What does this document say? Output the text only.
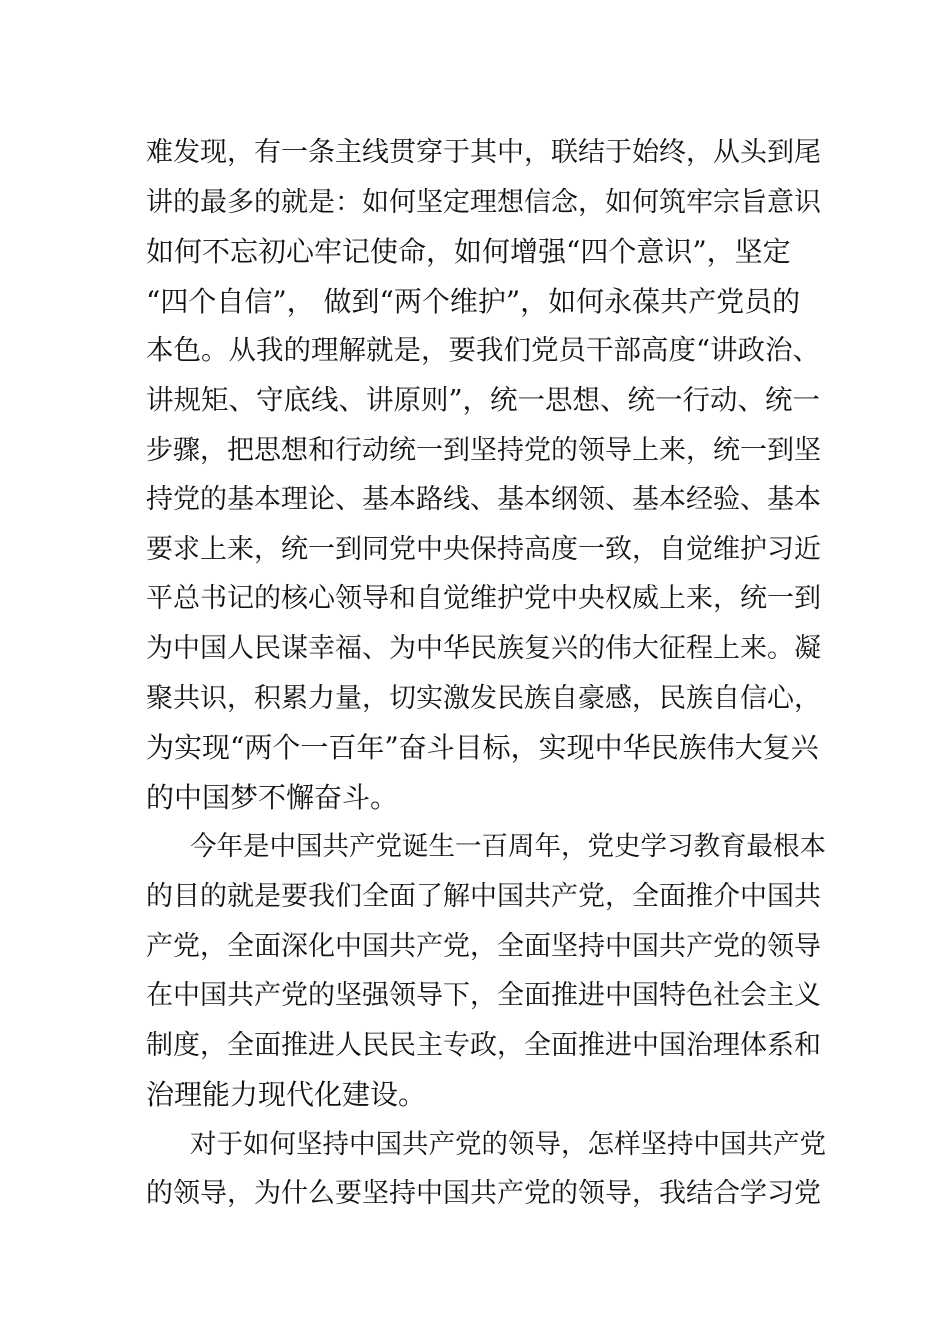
难发现，有一条主线贯穿于其中，联结于始终，从头到尾
讲的最多的就是：如何坚定理想信念，如何筑牢宗旨意识
如何不忘初心牢记使命，如何增强“四个意识”，坚定
“四个自信”， 做到“两个维护”，如何永葆共产党员的
本色。从我的理解就是，要我们党员干部高度“讲政治、
讲规矩、守底线、讲原则”，统一思想、统一行动、统一
步骤，把思想和行动统一到坚持党的领导上来，统一到坚
持党的基本理论、基本路线、基本纲领、基本经验、基本
要求上来，统一到同党中央保持高度一致，自觉维护习近
平总书记的核心领导和自觉维护党中央权威上来，统一到
为中国人民谋幸福、为中华民族复兴的伟大征程上来。凝
聚共识，积累力量，切实激发民族自豪感，民族自信心，
为实现“两个一百年”奋斗目标，实现中华民族伟大复兴
的中国梦不懈奋斗。
今年是中国共产党诞生一百周年，党史学习教育最根本
的目的就是要我们全面了解中国共产党，全面推介中国共
产党，全面深化中国共产党，全面坚持中国共产党的领导
在中国共产党的坚强领导下，全面推进中国特色社会主义
制度，全面推进人民民主专政，全面推进中国治理体系和
治理能力现代化建设。
对于如何坚持中国共产党的领导，怎样坚持中国共产党
的领导，为什么要坚持中国共产党的领导，我结合学习党
